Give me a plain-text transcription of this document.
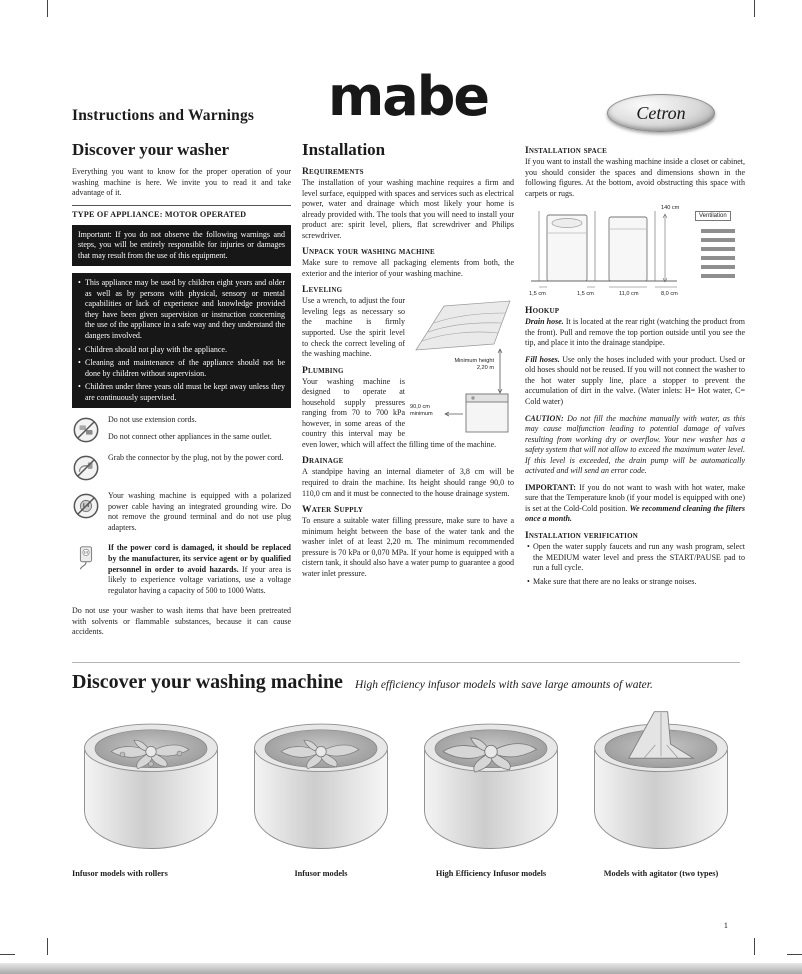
Instructions and Warnings	mabe	Cetron
Discover your washer

Everything you want to know for the proper operation of your washing machine is here. We invite you to read it and take advantage of it.

TYPE OF APPLIANCE: MOTOR OPERATED
Important: If you do not observe the following warnings and steps, you will be entirely responsible for injuries or damages that may result from the use of this equipment.
• This appliance may be used by children eight years and older as well as by persons with physical, sensory or mental capabilities or lack of experience and knowledge provided they have been given supervision or instruction concerning the use of the appliance in a safe way and they understand the dangers involved.
• Children should not play with the appliance.
• Cleaning and maintenance of the appliance should not be done by children without supervision.
• Children under three years old must be kept away unless they are continuously supervised.

Do not use extension cords.

Do not connect other appliances in the same outlet.

Grab the connector by the plug, not by the power cord.

Your washing machine is equipped with a polarized power cable having an integrated grounding wire. Do not remove the ground terminal and do not use plug adapters.

If the power cord is damaged, it should be replaced by the manufacturer, its service agent or by qualified personnel in order to avoid hazards. If your area is likely to experience voltage variations, use a voltage regulator having a capacity of 500 to 1000 Watts.

Do not use your washer to wash items that have been pretreated with solvents or flammable substances, because it can cause accidents.

Installation
Requirements

The installation of your washing machine requires a firm and level surface, equipped with spaces and services such as electrical power, water and drainage which most likely your home is already provided with. The tools that you will need to install your product are: spirit level, pliers, flat screwdriver and Philips screwdriver.

Unpack your washing machine

Make sure to remove all packaging elements from both, the exterior and the interior of your washing machine.

Leveling
Minimum height 2,20 m
90,0 cm minimum

Use a wrench, to adjust the four leveling legs as necessary so the machine is firmly supported. Use the spirit level to check the correct leveling of the washing machine.

Plumbing

Your washing machine is designed to operate at household supply pressures ranging from 70 to 700 kPa however, in some areas of the country this interval may be even lower, which will affect the filling time of the machine.

Drainage

A standpipe having an internal diameter of 3,8 cm will be required to drain the machine. Its height should range 90,0 to 110,0 cm and it must be connected to the house drainage system.

Water Supply

To ensure a suitable water filling pressure, make sure to have a minimum height between the base of the water tank and the washer inlet of at least 2,20 m. The minimum recommended pressure is 70 kPa or 0,070 MPa. If your home is equipped with a cistern tank, it should also have a water pump to guarantee a good water inlet pressure.

Installation space

If you want to install the washing machine inside a closet or cabinet, you should consider the spaces and dimensions shown in the following figures. At the bottom, avoid obstructing this space with carpets or rugs.

1,5 cm	1,5 cm	11,0 cm	8,0 cm
140 cm
Ventilation
Hookup

Drain hose. It is located at the rear right (watching the product from the front). Pull and remove the top portion outside until you see the tip, and place it into the drainage standpipe.

Fill hoses. Use only the hoses included with your product. Used or old hoses should not be reused. If you will not connect the washer to the hot water supply line, place a stopper to prevent the accumulation of dirt in the valve. (Water inlets: H= Hot water, C= Cold water)

CAUTION: Do not fill the machine manually with water, as this may cause malfunction leading to potential damage of valves resulting from working dry or overflow. Your new washer has a safety system that will not allow to exceed the maximum water level. If this level is exceeded, the drain pump will be automatically activated and will send an error code.

IMPORTANT: If you do not want to wash with hot water, make sure that the Temperature knob (if your model is equipped with one) is set at the Cold-Cold position. We recommend cleaning the filters once a month.

Installation verification
• Open the water supply faucets and run any wash program, select the MEDIUM water level and press the START/PAUSE pad to run a full cycle.
• Make sure that there are no leaks or strange noises.
Discover your washing machine High efficiency infusor models with save large amounts of water.
Infusor models with rollers	Infusor models	High Efficiency Infusor models	Models with agitator (two types)
1
